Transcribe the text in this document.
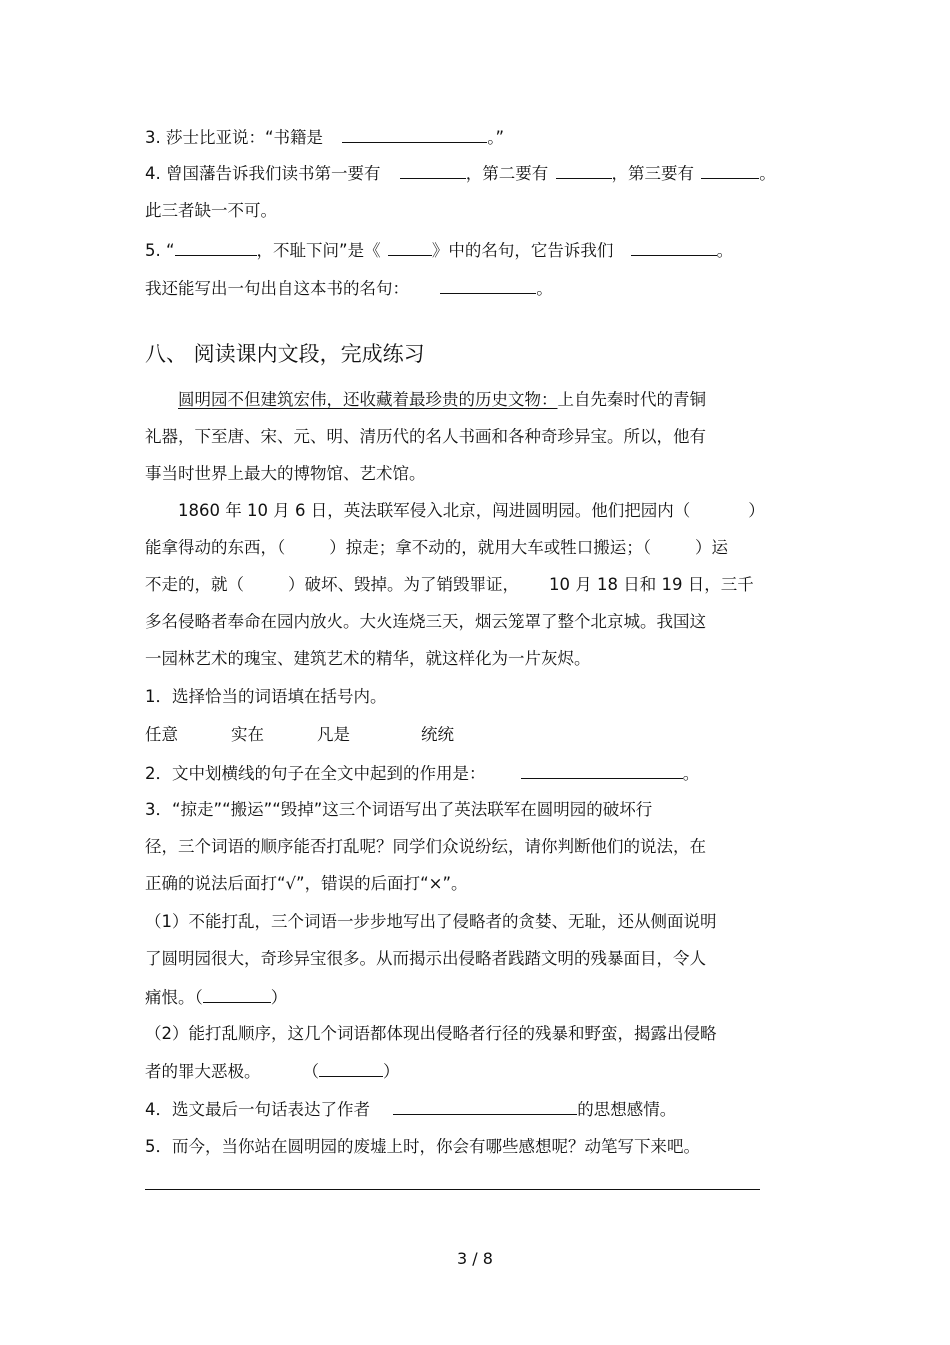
3. 莎士比亚说：“书籍是	。”
4. 曾国藩告诉我们读书第一要有	，第二要有	，第三要有	。
此三者缺一不可。
5. “	，不耻下问”是《	》中的名句，它告诉我们	。
我还能写出一句出自这本书的名句：	。
八、 阅读课内文段，完成练习
圆明园不但建筑宏伟，还收藏着最珍贵的历史文物：上自先秦时代的青铜
礼器，下至唐、宋、元、明、清历代的名人书画和各种奇珍异宝。所以，他有
事当时世界上最大的博物馆、艺术馆。
1860 年 10 月 6 日，英法联军侵入北京，闯进圆明园。他们把园内（	）
能拿得动的东西，（	）掠走；拿不动的，就用大车或牲口搬运；（	）运
不走的，就（	）破坏、毁掉。为了销毁罪证， 10 月 18 日和 19 日，三千
多名侵略者奉命在园内放火。大火连烧三天，烟云笼罩了整个北京城。我国这
一园林艺术的瑰宝、建筑艺术的精华，就这样化为一片灰烬。
1．选择恰当的词语填在括号内。
任意	实在	凡是	统统
2．文中划横线的句子在全文中起到的作用是：	。
3．“掠走”“搬运”“毁掉”这三个词语写出了英法联军在圆明园的破坏行
径，三个词语的顺序能否打乱呢？同学们众说纷纭，请你判断他们的说法，在
正确的说法后面打“√”，错误的后面打“×”。
（1）不能打乱，三个词语一步步地写出了侵略者的贪婪、无耻，还从侧面说明
了圆明园很大，奇珍异宝很多。从而揭示出侵略者践踏文明的残暴面目，令人
痛恨。（	）
（2）能打乱顺序，这几个词语都体现出侵略者行径的残暴和野蛮，揭露出侵略
者的罪大恶极。	（	）
4．选文最后一句话表达了作者	的思想感情。
5．而今，当你站在圆明园的废墟上时，你会有哪些感想呢？动笔写下来吧。
3 / 8
